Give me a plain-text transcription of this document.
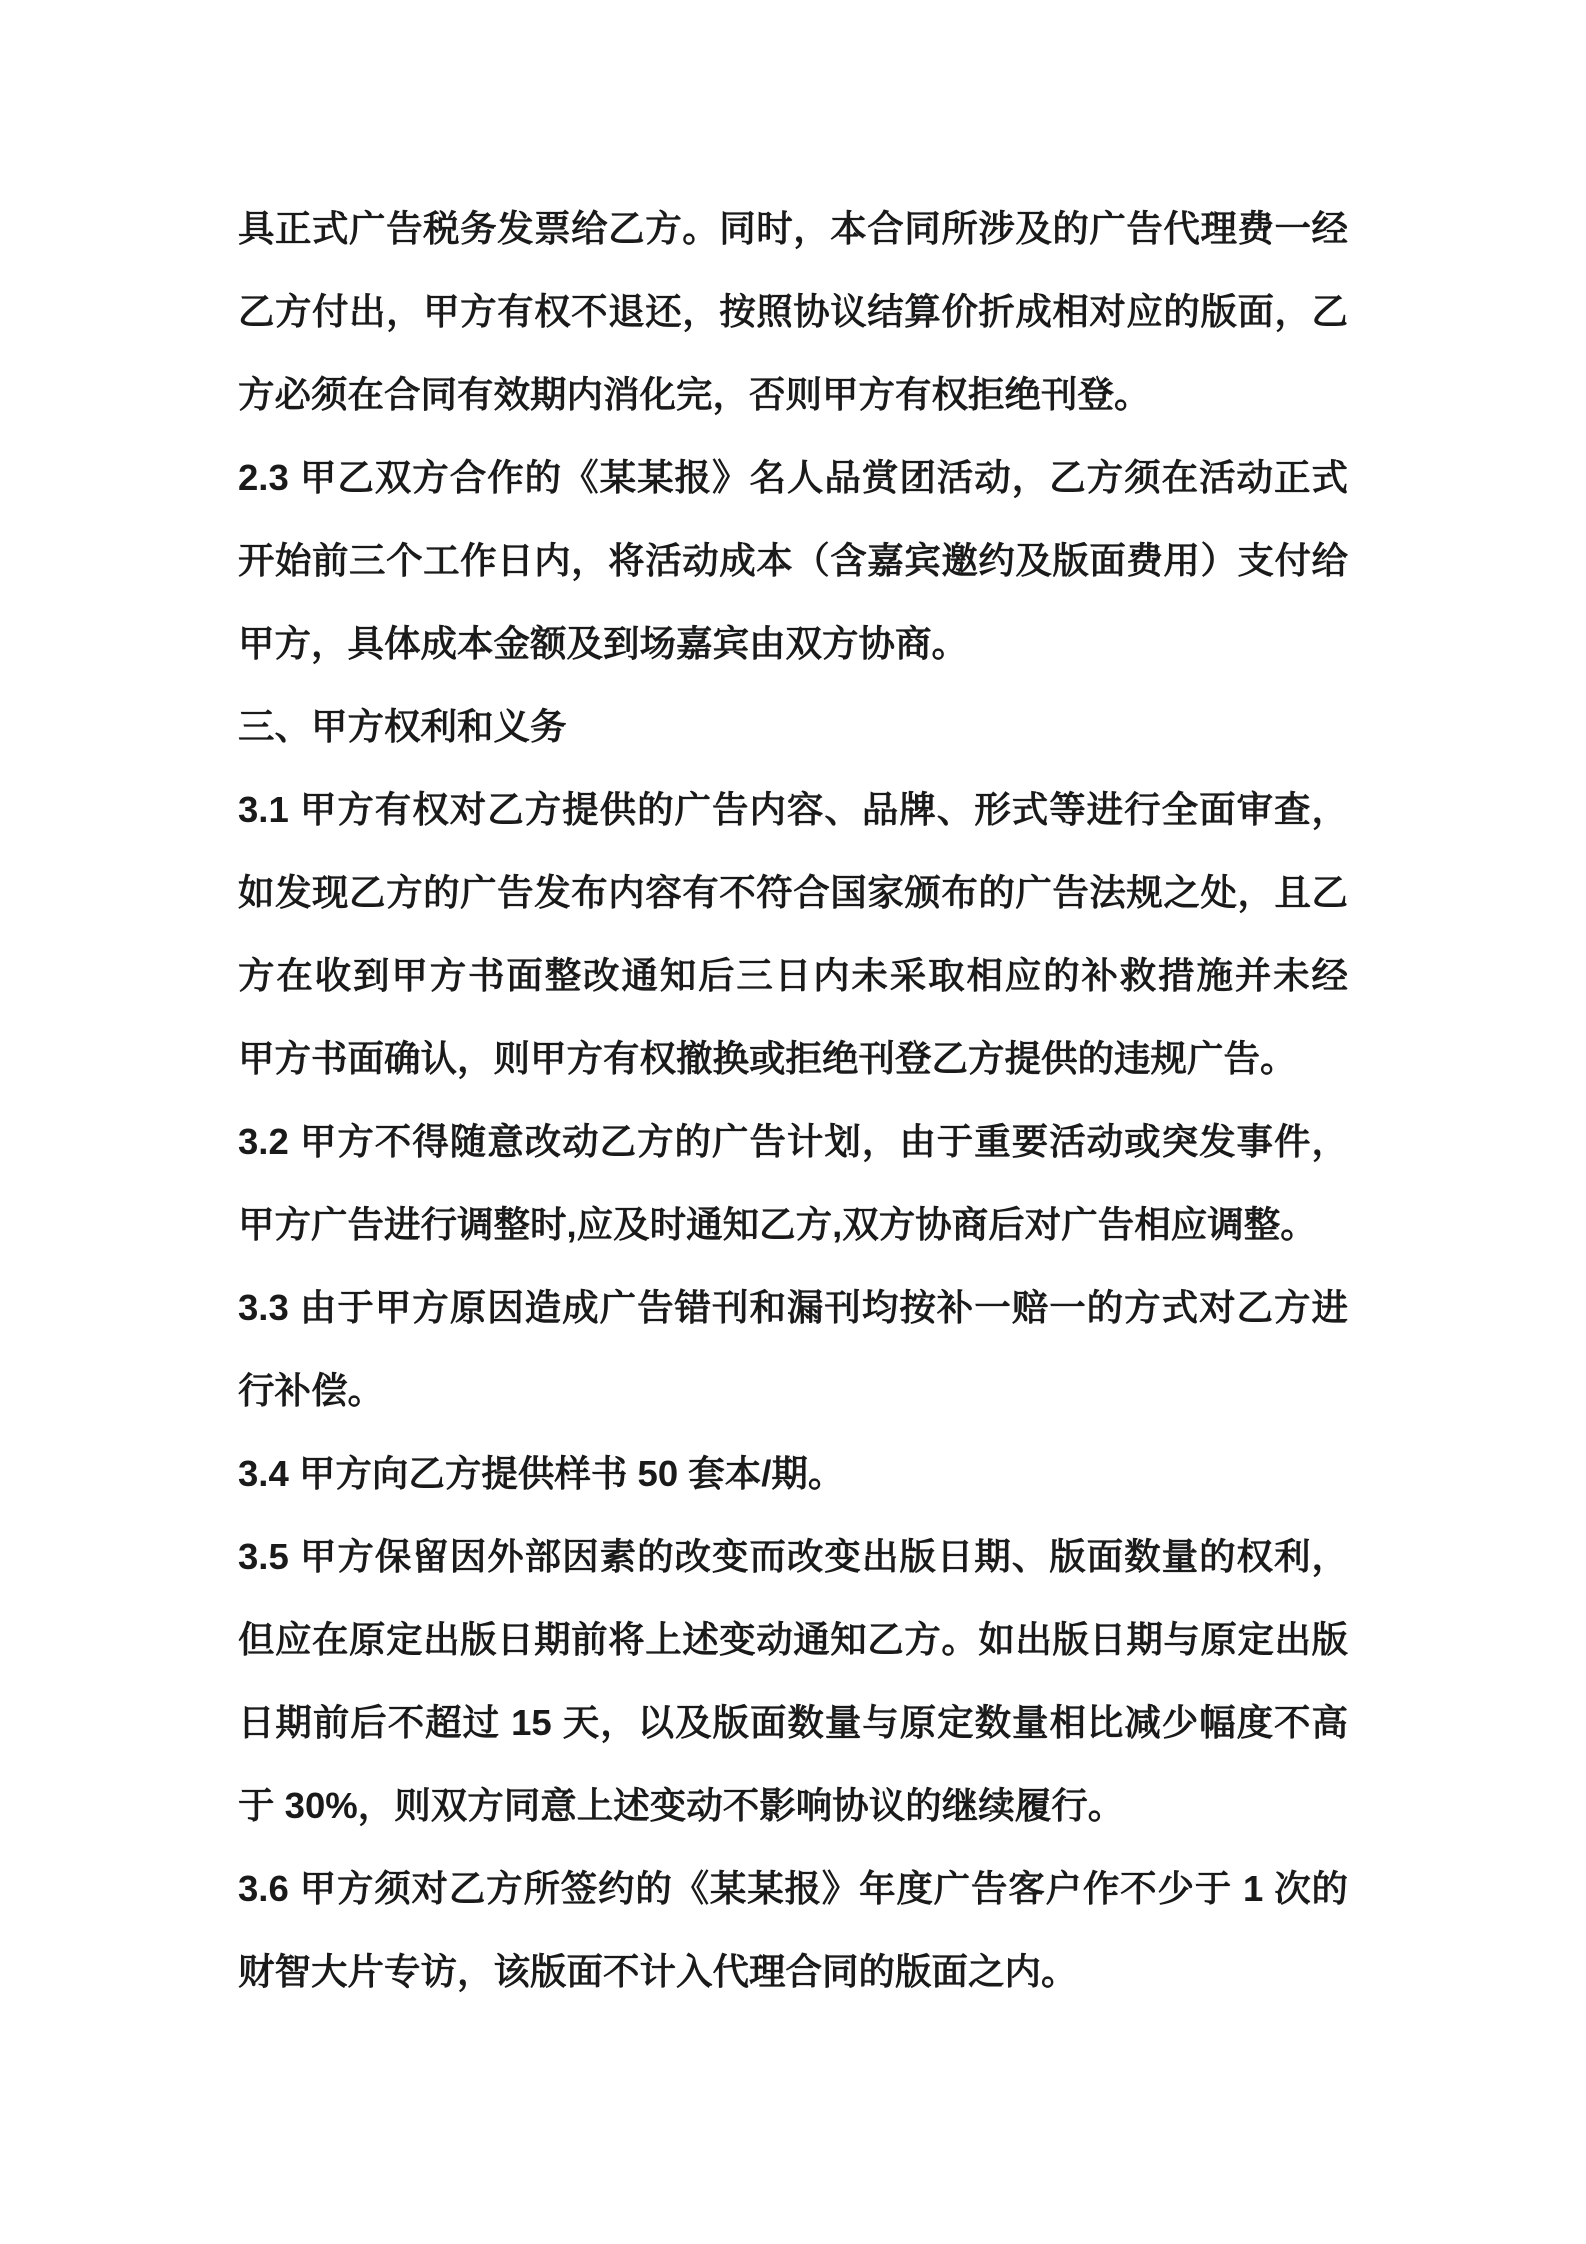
具正式广告税务发票给乙方。同时，本合同所涉及的广告代理费一经
乙方付出，甲方有权不退还，按照协议结算价折成相对应的版面，乙
方必须在合同有效期内消化完，否则甲方有权拒绝刊登。
2.3 甲乙双方合作的《某某报》名人品赏团活动，乙方须在活动正式
开始前三个工作日内，将活动成本（含嘉宾邀约及版面费用）支付给
甲方，具体成本金额及到场嘉宾由双方协商。
三、甲方权利和义务
3.1 甲方有权对乙方提供的广告内容、品牌、形式等进行全面审查，
如发现乙方的广告发布内容有不符合国家颁布的广告法规之处，且乙
方在收到甲方书面整改通知后三日内未采取相应的补救措施并未经
甲方书面确认，则甲方有权撤换或拒绝刊登乙方提供的违规广告。
3.2 甲方不得随意改动乙方的广告计划，由于重要活动或突发事件，
甲方广告进行调整时,应及时通知乙方,双方协商后对广告相应调整。
3.3 由于甲方原因造成广告错刊和漏刊均按补一赔一的方式对乙方进
行补偿。
3.4 甲方向乙方提供样书 50 套本/期。
3.5 甲方保留因外部因素的改变而改变出版日期、版面数量的权利，
但应在原定出版日期前将上述变动通知乙方。如出版日期与原定出版
日期前后不超过 15 天，以及版面数量与原定数量相比减少幅度不高
于 30%，则双方同意上述变动不影响协议的继续履行。
3.6 甲方须对乙方所签约的《某某报》年度广告客户作不少于 1 次的
财智大片专访，该版面不计入代理合同的版面之内。
